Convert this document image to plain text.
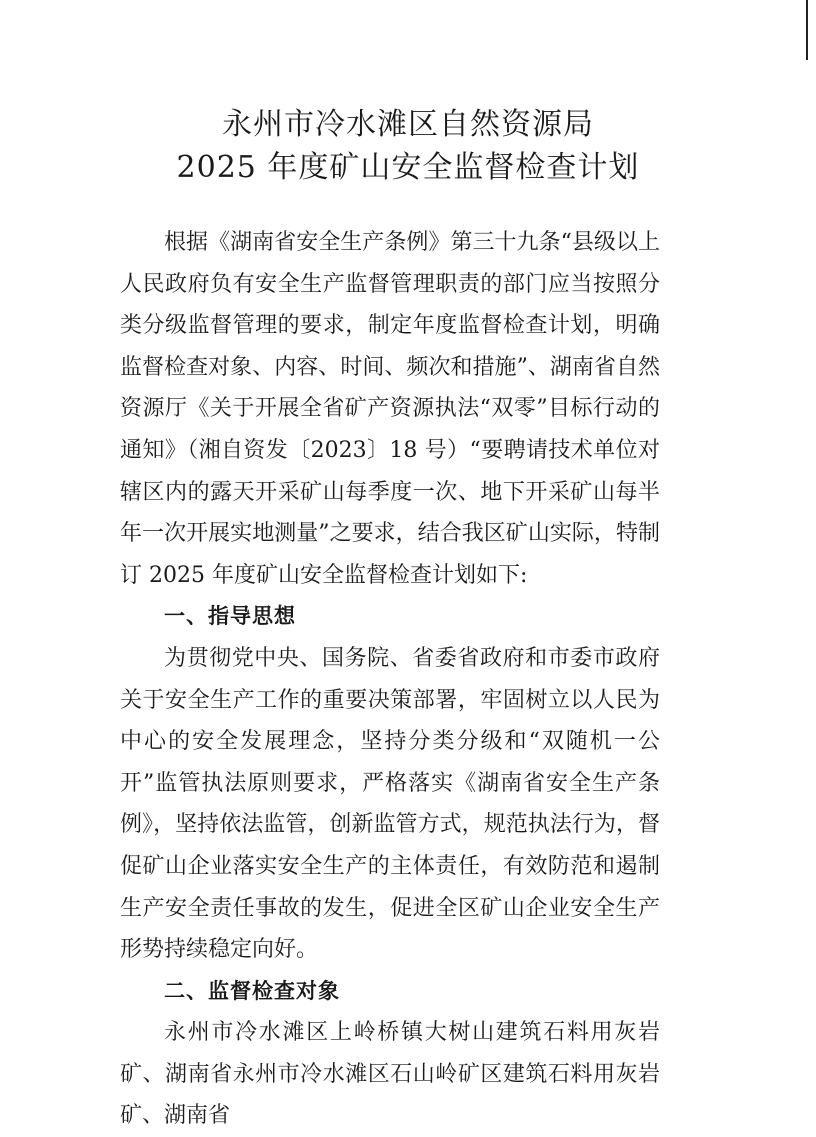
永州市冷水滩区自然资源局
2025 年度矿山安全监督检查计划

根据《湖南省安全生产条例》第三十九条“县级以上人民政府负有安全生产监督管理职责的部门应当按照分类分级监督管理的要求，制定年度监督检查计划，明确监督检查对象、内容、时间、频次和措施”、湖南省自然资源厅《关于开展全省矿产资源执法“双零”目标行动的通知》（湘自资发〔2023〕18 号）“要聘请技术单位对辖区内的露天开采矿山每季度一次、地下开采矿山每半年一次开展实地测量”之要求，结合我区矿山实际，特制订 2025 年度矿山安全监督检查计划如下:

一、指导思想

为贯彻党中央、国务院、省委省政府和市委市政府关于安全生产工作的重要决策部署，牢固树立以人民为中心的安全发展理念，坚持分类分级和“双随机一公开”监管执法原则要求，严格落实《湖南省安全生产条例》，坚持依法监管，创新监管方式，规范执法行为，督促矿山企业落实安全生产的主体责任，有效防范和遏制生产安全责任事故的发生，促进全区矿山企业安全生产形势持续稳定向好。

二、监督检查对象

永州市冷水滩区上岭桥镇大树山建筑石料用灰岩矿、湖南省永州市冷水滩区石山岭矿区建筑石料用灰岩矿、湖南省
